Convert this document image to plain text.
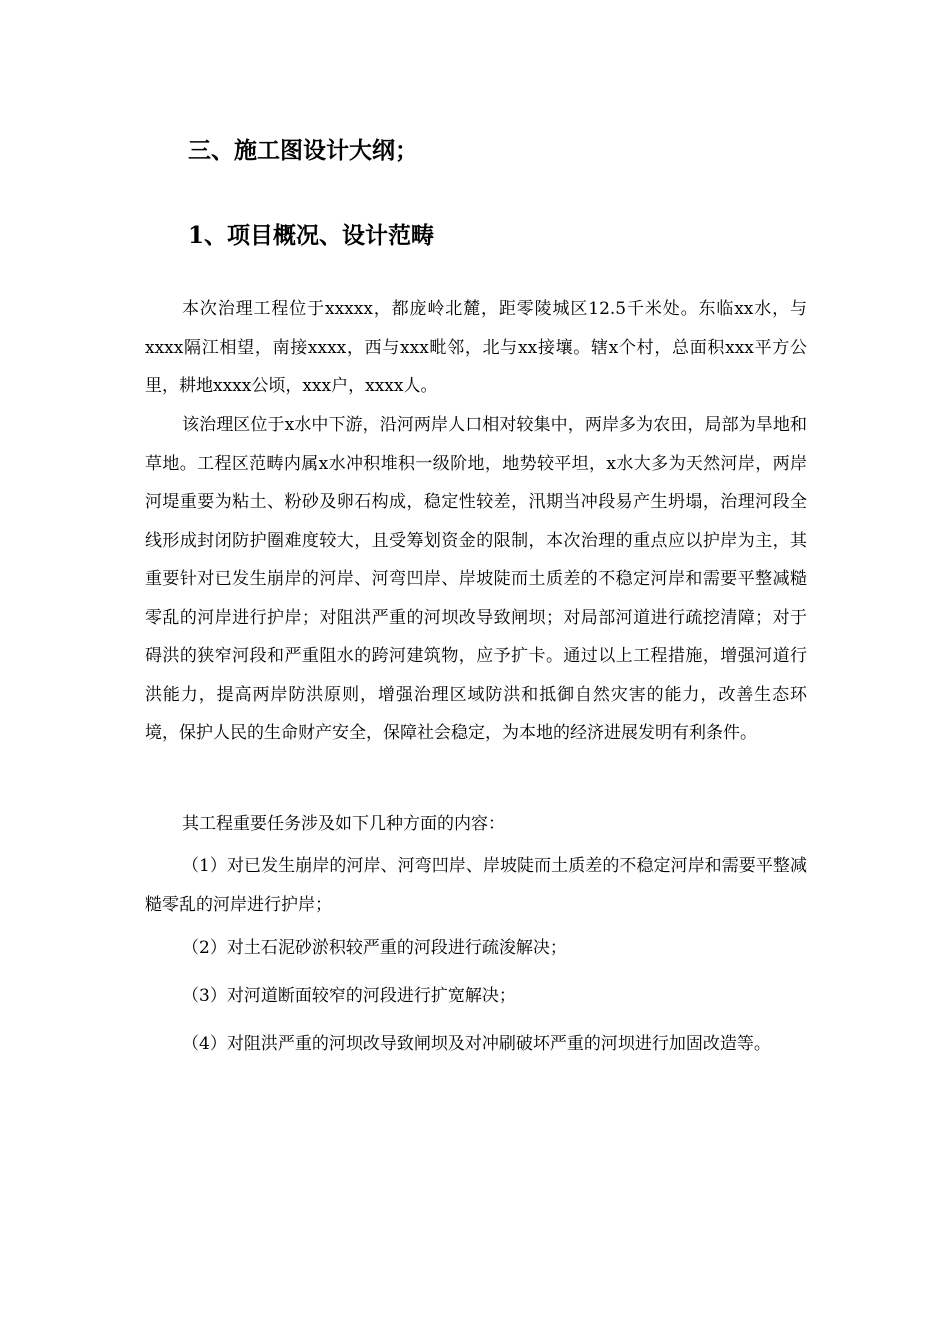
三、施工图设计大纲；
1、项目概况、设计范畴

本次治理工程位于xxxxx，都庞岭北麓，距零陵城区12.5千米处。东临xx水，与xxxx隔江相望，南接xxxx，西与xxx毗邻，北与xx接壤。辖x个村，总面积xxx平方公里，耕地xxxx公顷，xxx户，xxxx人。

该治理区位于x水中下游，沿河两岸人口相对较集中，两岸多为农田，局部为旱地和草地。工程区范畴内属x水冲积堆积一级阶地，地势较平坦，x水大多为天然河岸，两岸河堤重要为粘土、粉砂及卵石构成，稳定性较差，汛期当冲段易产生坍塌，治理河段全线形成封闭防护圈难度较大，且受筹划资金的限制，本次治理的重点应以护岸为主，其重要针对已发生崩岸的河岸、河弯凹岸、岸坡陡而土质差的不稳定河岸和需要平整减糙零乱的河岸进行护岸；对阻洪严重的河坝改导致闸坝；对局部河道进行疏挖清障；对于碍洪的狭窄河段和严重阻水的跨河建筑物，应予扩卡。通过以上工程措施，增强河道行洪能力，提高两岸防洪原则，增强治理区域防洪和抵御自然灾害的能力，改善生态环境，保护人民的生命财产安全，保障社会稳定，为本地的经济进展发明有利条件。

其工程重要任务涉及如下几种方面的内容：

（1）对已发生崩岸的河岸、河弯凹岸、岸坡陡而土质差的不稳定河岸和需要平整减糙零乱的河岸进行护岸；

（2）对土石泥砂淤积较严重的河段进行疏浚解决；

（3）对河道断面较窄的河段进行扩宽解决；

（4）对阻洪严重的河坝改导致闸坝及对冲刷破坏严重的河坝进行加固改造等。
